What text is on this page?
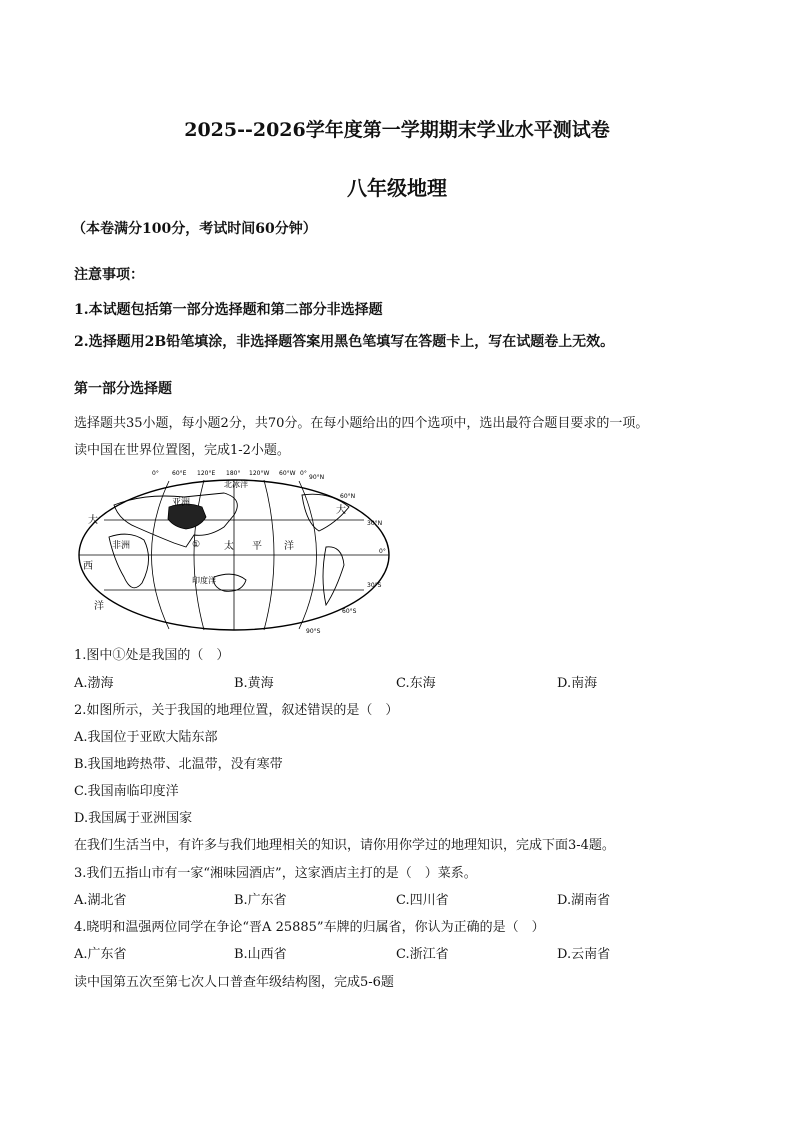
2025--2026学年度第一学期期末学业水平测试卷
八年级地理
（本卷满分100分，考试时间60分钟）
注意事项：
1.本试题包括第一部分选择题和第二部分非选择题
2.选择题用2B铅笔填涂，非选择题答案用黑色笔填写在答题卡上，写在试题卷上无效。
第一部分选择题
选择题共35小题，每小题2分，共70分。在每小题给出的四个选项中，选出最符合题目要求的一项。
读中国在世界位置图，完成1-2小题。
0° 60°E 120°E 180° 120°W 60°W 0°
90°N
60°N
30°N
0°
30°S
60°S
90°S
北冰洋
亚洲
大
大
非洲	太 平 洋
西
洋
印度洋
①
1.图中①处是我国的（　）
A.渤海	B.黄海	C.东海	D.南海
2.如图所示，关于我国的地理位置，叙述错误的是（　）
A.我国位于亚欧大陆东部
B.我国地跨热带、北温带，没有寒带
C.我国南临印度洋
D.我国属于亚洲国家
在我们生活当中，有许多与我们地理相关的知识，请你用你学过的地理知识，完成下面3-4题。
3.我们五指山市有一家“湘味园酒店”，这家酒店主打的是（　）菜系。
A.湖北省	B.广东省	C.四川省	D.湖南省
4.晓明和温强两位同学在争论“晋A 25885”车牌的归属省，你认为正确的是（　）
A.广东省	B.山西省	C.浙江省	D.云南省
读中国第五次至第七次人口普查年级结构图，完成5-6题
